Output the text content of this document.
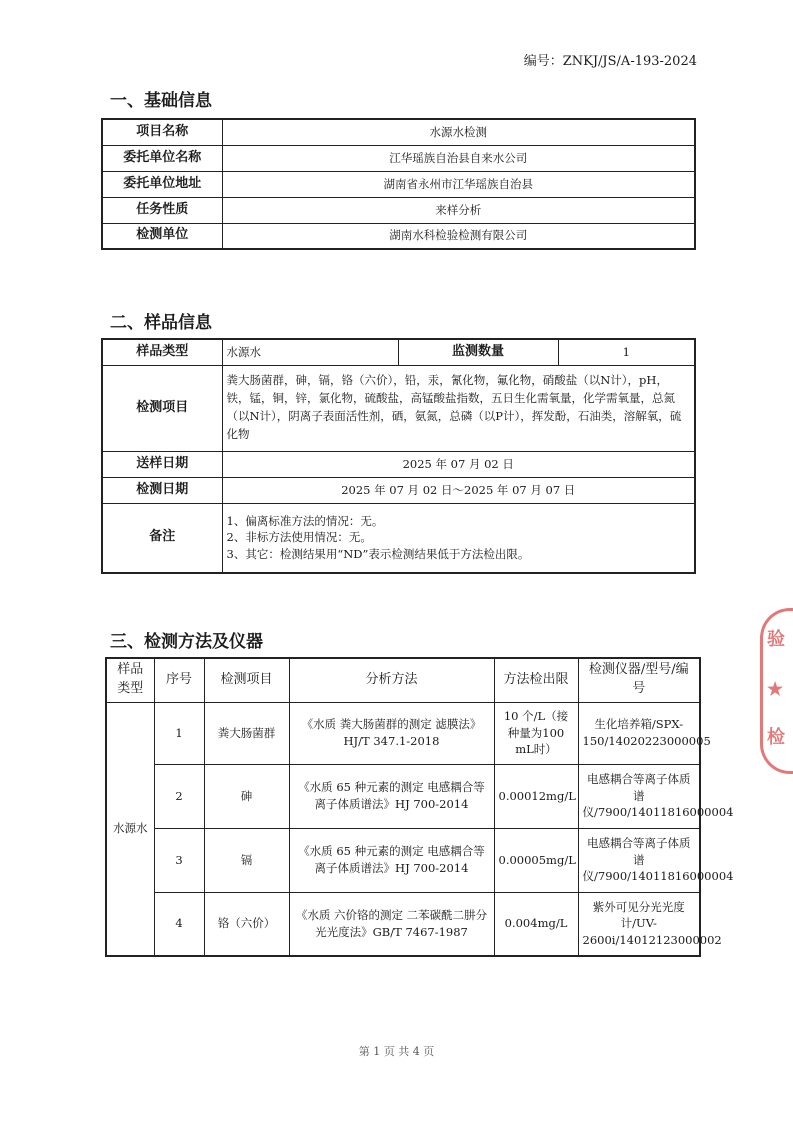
编号：ZNKJ/JS/A-193-2024
一、基础信息
项目名称	水源水检测
委托单位名称	江华瑶族自治县自来水公司
委托单位地址	湖南省永州市江华瑶族自治县
任务性质	来样分析
检测单位	湖南水科检验检测有限公司
二、样品信息
样品类型	水源水	监测数量	1
检测项目	粪大肠菌群，砷，镉，铬（六价），铅，汞，氰化物，氟化物，硝酸盐（以N计），pH，铁，锰，铜，锌，氯化物，硫酸盐，高锰酸盐指数，五日生化需氧量，化学需氧量，总氮（以N计），阴离子表面活性剂，硒，氨氮，总磷（以P计），挥发酚，石油类，溶解氧，硫化物		
送样日期	2025 年 07 月 02 日		
检测日期	2025 年 07 月 02 日～2025 年 07 月 07 日		
备注	1、偏离标准方法的情况：无。
2、非标方法使用情况：无。
3、其它：检测结果用“ND”表示检测结果低于方法检出限。		
三、检测方法及仪器
样品类型	序号	检测项目	分析方法	方法检出限	检测仪器/型号/编号
水源水	1	粪大肠菌群	《水质 粪大肠菌群的测定 滤膜法》HJ/T 347.1-2018	10 个/L（接种量为100 mL时）	生化培养箱/SPX-150/14020223000005
	2	砷	《水质 65 种元素的测定 电感耦合等离子体质谱法》HJ 700-2014	0.00012mg/L	电感耦合等离子体质谱仪/7900/14011816000004
	3	镉	《水质 65 种元素的测定 电感耦合等离子体质谱法》HJ 700-2014	0.00005mg/L	电感耦合等离子体质谱仪/7900/14011816000004
	4	铬（六价）	《水质 六价铬的测定 二苯碳酰二肼分光光度法》GB/T 7467-1987	0.004mg/L	紫外可见分光光度计/UV-2600i/14012123000002
验
★
检
第 1 页 共 4 页
